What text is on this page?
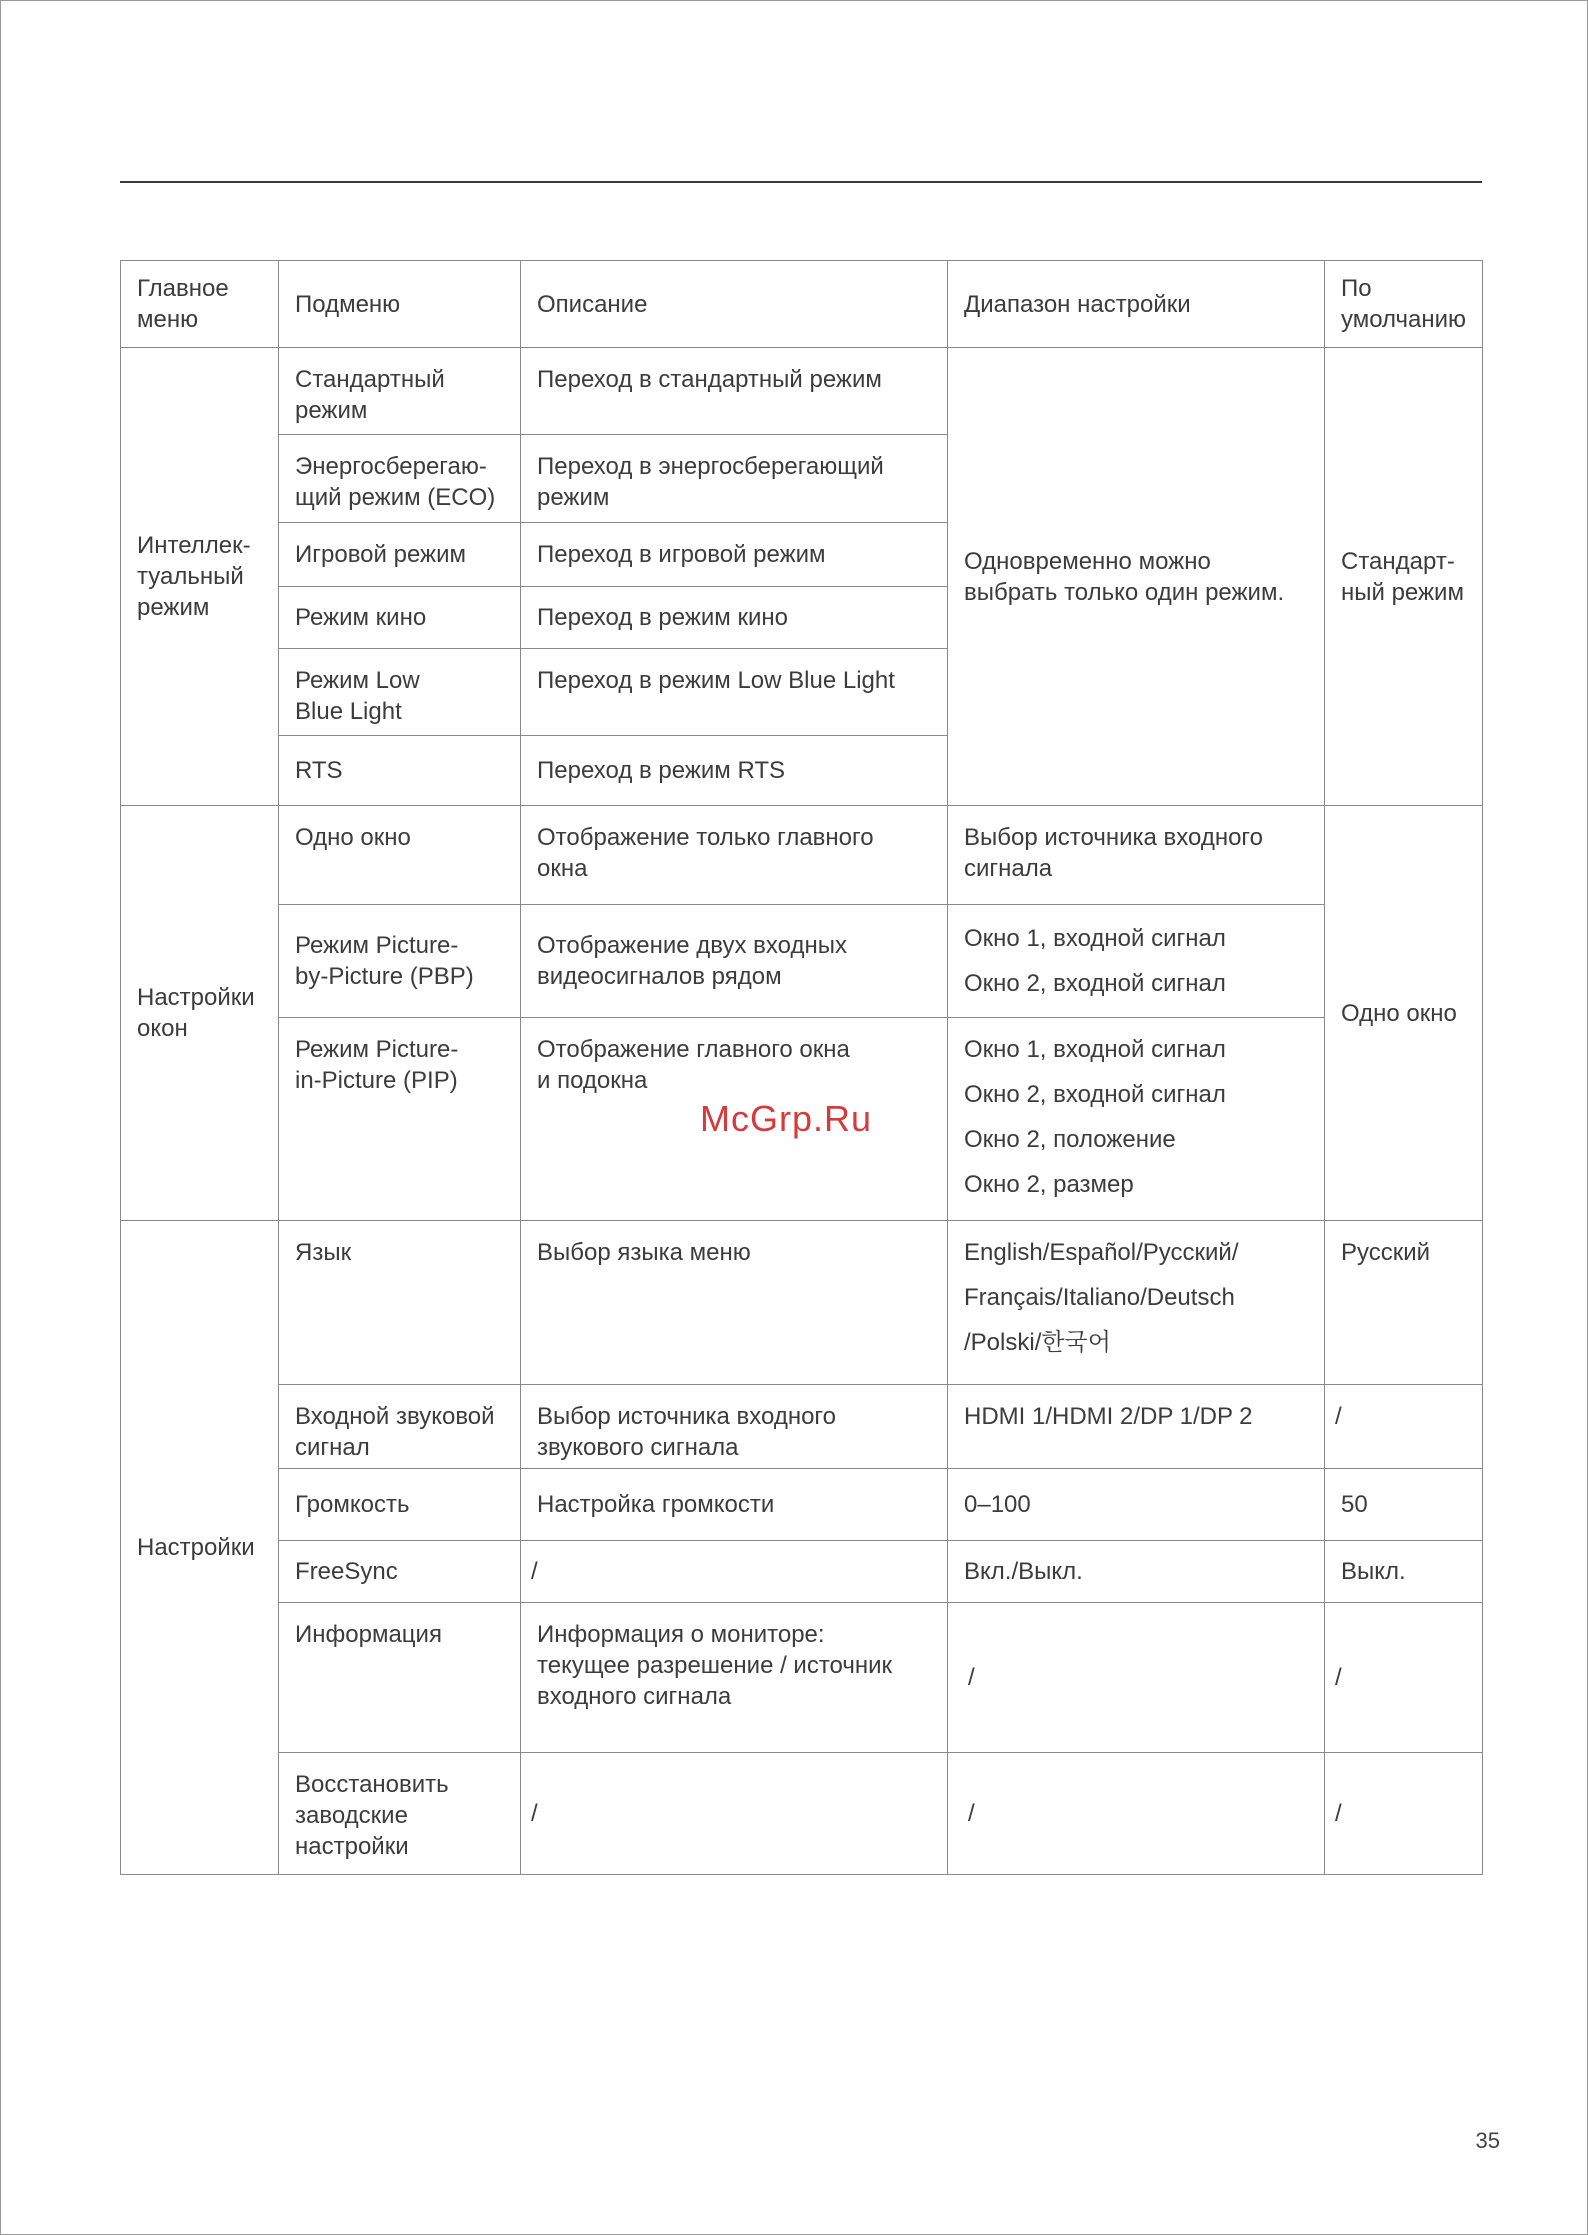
Главное
меню	Подменю	Описание	Диапазон настройки	По
умолчанию
Интеллек-
туальный
режим	Стандартный
режим	Переход в стандартный режим	Одновременно можно
выбрать только один режим.	Стандарт-
ный режим
	Энергосберегаю-
щий режим (ECO)	Переход в энергосберегающий
режим		
	Игровой режим	Переход в игровой режим		
	Режим кино	Переход в режим кино		
	Режим Low
Blue Light	Переход в режим Low Blue Light		
	RTS	Переход в режим RTS		
Настройки
окон	Одно окно	Отображение только главного
окна	Выбор источника входного
сигнала	Одно окно
	Режим Picture-
by-Picture (PBP)	Отображение двух входных
видеосигналов рядом	Окно 1, входной сигнал
Окно 2, входной сигнал	

	Режим Picture-
in-Picture (PIP)	Отображение главного окна
и подокна	Окно 1, входной сигнал
Окно 2, входной сигнал
Окно 2, положение
Окно 2, размер	

Настройки	Язык	Выбор языка меню	English/Español/Русский/
Français/Italiano/Deutsch
/Polski/한국어	Русский
	Входной звуковой
сигнал	Выбор источника входного
звукового сигнала	HDMI 1/HDMI 2/DP 1/DP 2	/
	Громкость	Настройка громкости	0–100	50
	FreeSync	/	Вкл./Выкл.	Выкл.
	Информация	Информация о мониторе:
текущее разрешение / источник
входного сигнала	/	/
	Восстановить
заводские
настройки	/	/	/
McGrp.Ru
35
